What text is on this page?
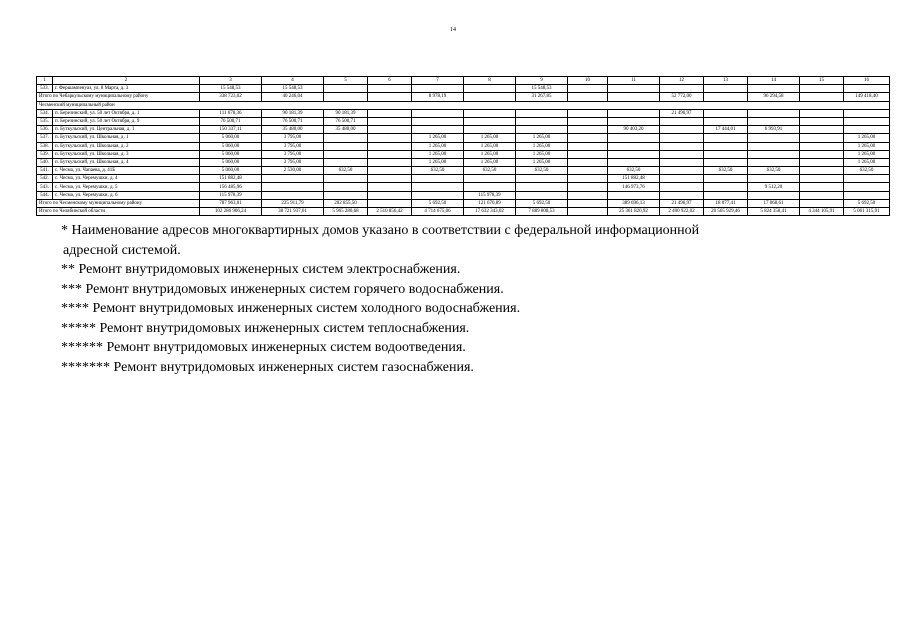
14
1	2	3	4	5	6	7	8	9	10	11	12	13	14	15	16
533.	г. Фершампенуаз, ул. 8 Марта, д. 3	15 548,53	15 548,53					15 548,53							
Итого по Чебаркульскому муниципальному району		338 723,02	40 246,04			8 978,19		31 267,85			52 772,00		96 294,58		149 418,40
Чесменский муниципальный район															
534.	п. Березинский, ул. 50 лет Октября, д. 1	111 678,36	90 181,39	90 181,39							21 496,97				
535.	п. Березинский, ул. 50 лет Октября, д. 9	76 500,71	76 500,71	76 500,71											
536.	п. Буткульский, ул. Центральная, д. 1	150 337,11	35 480,00	35 480,00						90 403,20		17 444,01	6 993,91		
537.	п. Буткульский, ул. Школьная, д. 1	5 060,00	3 795,00			1 265,00	1 265,00	1 265,00							1 265,00
538.	п. Буткульский, ул. Школьная, д. 2	5 060,00	3 795,00			1 265,00	1 265,00	1 265,00							1 265,00
539.	п. Буткульский, ул. Школьная, д. 3	5 060,00	3 795,00			1 265,00	1 265,00	1 265,00							1 265,00
540.	п. Буткульский, ул. Школьная, д. 4	5 060,00	3 795,00			1 265,00	1 265,00	1 265,00							1 265,00
541.	с. Чесма, ул. Чапаева, д. 41Б	5 060,00	2 530,00	632,50		632,50	632,50	632,50		632,50		632,50	632,50		632,50
542.	с. Чесма, ул. Черемушки, д. 4	151 882,48								151 882,48					
543.	с. Чесма, ул. Черемушки, д. 5	156 485,96								146 973,76			9 512,20		
544.	с. Чесма, ул. Черемушки, д. 6	115 978,39					115 978,39								
Итого по Чесменскому муниципальному району		787 963,01	225 911,79	202 855,50		5 692,50	121 670,89	5 692,50		389 696,13	21 496,97	18 077,41	17 068,61		5 692,50
Итого по Челябинской области		102 286 906,24	38 721 937,61	5 965 280,68	2 510 856,42	4 714 675,06	17 632 343,02	7 889 808,53		25 361 820,92	2 400 922,02	20 565 929,46	5 824 358,41	4 344 105,91	5 061 315,91

* Наименование адресов многоквартирных домов указано в соответствии с федеральной информационной

адресной системой.

** Ремонт внутридомовых инженерных систем электроснабжения.

*** Ремонт внутридомовых инженерных систем горячего водоснабжения.

**** Ремонт внутридомовых инженерных систем холодного водоснабжения.

***** Ремонт внутридомовых инженерных систем теплоснабжения.

****** Ремонт внутридомовых инженерных систем водоотведения.

******* Ремонт внутридомовых инженерных систем газоснабжения.
